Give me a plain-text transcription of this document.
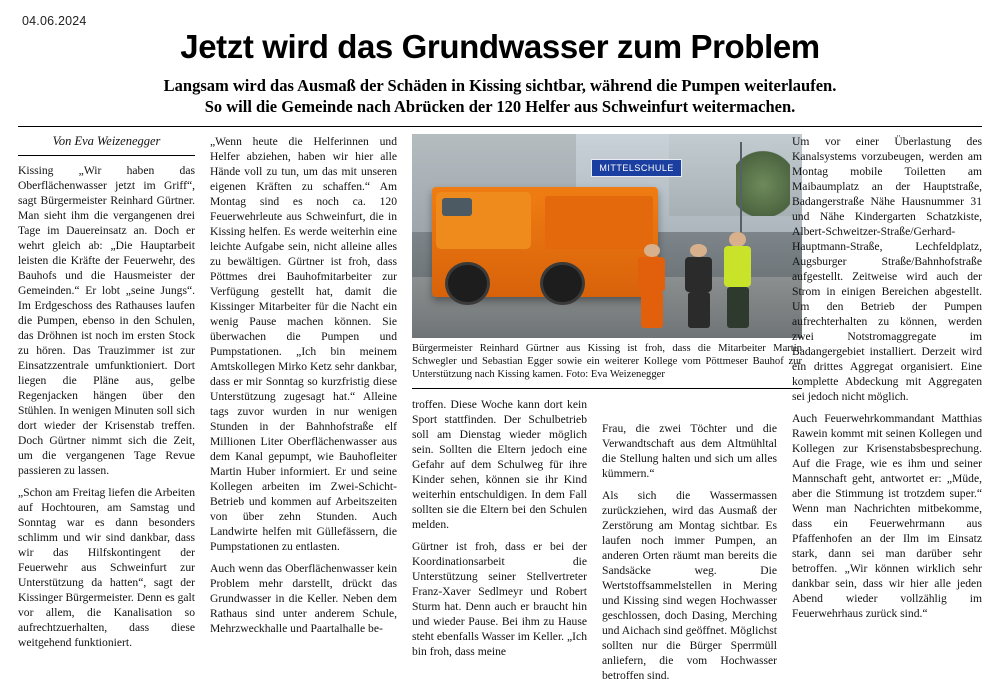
04.06.2024
Jetzt wird das Grundwasser zum Problem
Langsam wird das Ausmaß der Schäden in Kissing sichtbar, während die Pumpen weiterlaufen.
So will die Gemeinde nach Abrücken der 120 Helfer aus Schweinfurt weitermachen.
Von Eva Weizenegger

Kissing „Wir haben das Oberflächenwasser jetzt im Griff“, sagt Bürgermeister Reinhard Gürtner. Man sieht ihm die vergangenen drei Tage im Dauereinsatz an. Doch er wehrt gleich ab: „Die Hauptarbeit leisten die Kräfte der Feuerwehr, des Bauhofs und die Hausmeister der Gemeinden.“ Er lobt „seine Jungs“. Im Erdgeschoss des Rathauses laufen die Pumpen, ebenso in den Schulen, das Dröhnen ist noch im ersten Stock zu hören. Das Trauzimmer ist zur Einsatzzentrale umfunktioniert. Dort liegen die Pläne aus, gelbe Regenjacken hängen über den Stühlen. In wenigen Minuten soll sich dort wieder der Krisenstab treffen. Doch Gürtner nimmt sich die Zeit, um die vergangenen Tage Revue passieren zu lassen.

„Schon am Freitag liefen die Arbeiten auf Hochtouren, am Samstag und Sonntag war es dann besonders schlimm und wir sind dankbar, dass wir das Hilfskontingent der Feuerwehr aus Schweinfurt zur Unterstützung da hatten“, sagt der Kissinger Bürgermeister. Denn es galt vor allem, die Kanalisation so aufrechtzuerhalten, dass diese weitgehend funktioniert.

„Wenn heute die Helferinnen und Helfer abziehen, haben wir hier alle Hände voll zu tun, um das mit unseren eigenen Kräften zu schaffen.“ Am Montag sind es noch ca. 120 Feuerwehrleute aus Schweinfurt, die in Kissing helfen. Es werde weiterhin eine leichte Aufgabe sein, nicht alleine alles zu bewältigen. Gürtner ist froh, dass Pöttmes drei Bauhofmitarbeiter zur Verfügung gestellt hat, damit die Kissinger Mitarbeiter für die Nacht ein wenig Pause machen können. Sie überwachen die Pumpen und Pumpstationen. „Ich bin meinem Amtskollegen Mirko Ketz sehr dankbar, dass er mir Sonntag so kurzfristig diese Unterstützung zugesagt hat.“ Alleine tags zuvor wurden in nur wenigen Stunden in der Bahnhofstraße elf Millionen Liter Oberflächenwasser aus dem Kanal gepumpt, wie Bauhofleiter Martin Huber informiert. Er und seine Kollegen arbeiten im Zwei-Schicht-Betrieb und kommen auf Arbeitszeiten von über zehn Stunden. Auch Landwirte helfen mit Güllefässern, die Pumpstationen zu entlasten.

Auch wenn das Oberflächenwasser kein Problem mehr darstellt, drückt das Grundwasser in die Keller. Neben dem Rathaus sind unter anderem Schule, Mehrzweckhalle und Paartalhalle be-

MITTELSCHULE
Bürgermeister Reinhard Gürtner aus Kissing ist froh, dass die Mitarbeiter Martin Schwegler und Sebastian Egger sowie ein weiterer Kollege vom Pöttmeser Bauhof zur Unterstützung nach Kissing kamen. Foto: Eva Weizenegger

troffen. Diese Woche kann dort kein Sport stattfinden. Der Schulbetrieb soll am Dienstag wieder möglich sein. Sollten die Eltern jedoch eine Gefahr auf dem Schulweg für ihre Kinder sehen, können sie ihr Kind weiterhin entschuldigen. In dem Fall sollten sie die Eltern bei den Schulen melden.

Gürtner ist froh, dass er bei der Koordinationsarbeit die Unterstützung seiner Stellvertreter Franz-Xaver Sedlmeyr und Robert Sturm hat. Denn auch er braucht hin und wieder Pause. Bei ihm zu Hause steht ebenfalls Wasser im Keller. „Ich bin froh, dass meine

Frau, die zwei Töchter und die Verwandtschaft aus dem Altmühltal die Stellung halten und sich um alles kümmern.“

Als sich die Wassermassen zurückziehen, wird das Ausmaß der Zerstörung am Montag sichtbar. Es laufen noch immer Pumpen, an anderen Orten räumt man bereits die Sandsäcke weg. Die Wertstoffsammelstellen in Mering und Kissing sind wegen Hochwasser geschlossen, doch Dasing, Merching und Aichach sind geöffnet. Möglichst sollten nur die Bürger Sperrmüll anliefern, die vom Hochwasser betroffen sind.

Um vor einer Überlastung des Kanalsystems vorzubeugen, werden am Montag mobile Toiletten am Maibaumplatz an der Hauptstraße, Badangerstraße Nähe Hausnummer 31 und Nähe Kindergarten Schatzkiste, Albert-Schweitzer-Straße/Gerhard-Hauptmann-Straße, Lechfeldplatz, Augsburger Straße/Bahnhofstraße aufgestellt. Zeitweise wird auch der Strom in einigen Bereichen abgestellt. Um den Betrieb der Pumpen aufrechterhalten zu können, werden zwei Notstromaggregate im Badangergebiet installiert. Derzeit wird ein drittes Aggregat organisiert. Eine komplette Abdeckung mit Aggregaten sei jedoch nicht möglich.

Auch Feuerwehrkommandant Matthias Rawein kommt mit seinen Kollegen und Kollegen zur Krisenstabsbesprechung. Auf die Frage, wie es ihm und seiner Mannschaft geht, antwortet er: „Müde, aber die Stimmung ist trotzdem super.“ Wenn man Nachrichten mitbekomme, dass ein Feuerwehrmann aus Pfaffenhofen an der Ilm im Einsatz stark, dann sei man darüber sehr betroffen. „Wir können wirklich sehr dankbar sein, dass wir hier alle jeden Abend wieder vollzählig im Feuerwehrhaus zurück sind.“
